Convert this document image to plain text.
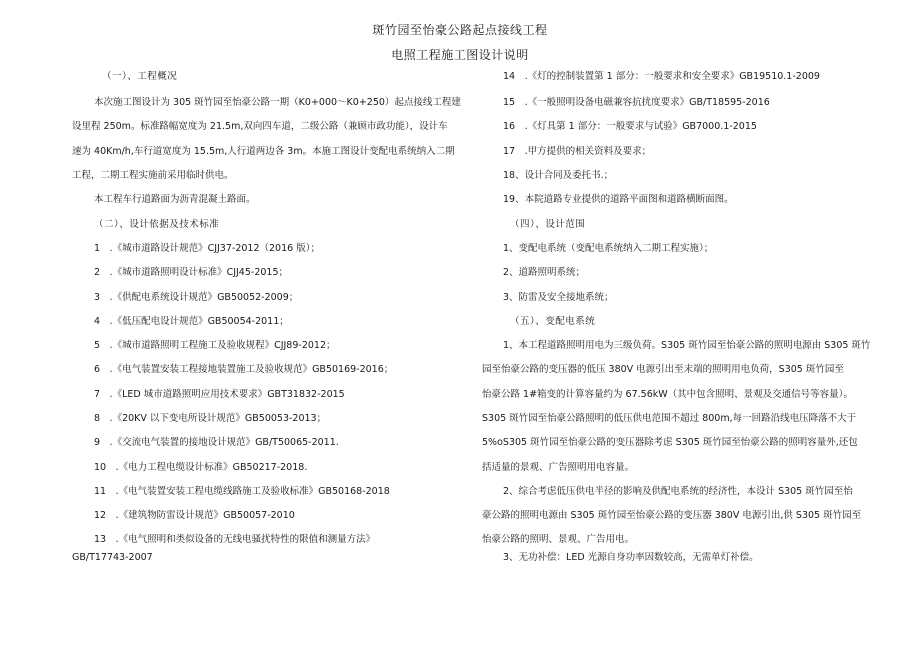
斑竹园至怡豪公路起点接线工程
电照工程施工图设计说明
（一）、工程概况
本次施工图设计为 305 斑竹园至怡豪公路一期（K0+000～K0+250）起点接线工程建
设里程 250m。标准路幅宽度为 21.5m,双向四车道，二级公路（兼顾市政功能），设计车
速为 40Km/h,车行道宽度为 15.5m,人行道两边各 3m。本施工图设计变配电系统纳入二期
工程，二期工程实施前采用临时供电。
本工程车行道路面为沥青混凝土路面。
（二）、设计依据及技术标准
1　.《城市道路设计规范》CJJ37-2012（2016 版）；
2　.《城市道路照明设计标准》CJJ45-2015；
3　.《供配电系统设计规范》GB50052-2009；
4　.《低压配电设计规范》GB50054-2011；
5　.《城市道路照明工程施工及验收规程》CJJ89-2012；
6　.《电气装置安装工程接地装置施工及验收规范》GB50169-2016；
7　.《LED 城市道路照明应用技术要求》GBT31832-2015
8　.《20KV 以下变电所设计规范》GB50053-2013；
9　.《交流电气装置的接地设计规范》GB/T50065-2011.
10　.《电力工程电缆设计标准》GB50217-2018.
11　.《电气装置安装工程电缆线路施工及验收标准》GB50168-2018
12　.《建筑物防雷设计规范》GB50057-2010
13　.《电气照明和类似设备的无线电骚扰特性的限值和测量方法》
GB/T17743-2007
14　.《灯的控制装置第 1 部分：一般要求和安全要求》GB19510.1-2009
15　.《一般照明设备电磁兼容抗扰度要求》GB/T18595-2016
16　.《灯具第 1 部分：一般要求与试验》GB7000.1-2015
17　.甲方提供的相关资料及要求；
18、设计合同及委托书.；
19、本院道路专业提供的道路平面图和道路横断面图。
（四）、设计范围
1、变配电系统（变配电系统纳入二期工程实施）；
2、道路照明系统；
3、防雷及安全接地系统；
（五）、变配电系统
1、本工程道路照明用电为三级负荷。S305 斑竹园至怡豪公路的照明电源由 S305 斑竹
园至怡豪公路的变压器的低压 380V 电源引出至末端的照明用电负荷，S305 斑竹园至
怡豪公路 1#箱变的计算容量约为 67.56kW（其中包含照明、景观及交通信号等容量）。
S305 斑竹园至怡豪公路照明的低压供电范围不超过 800m,每一回路沿线电压降落不大于
5%oS305 斑竹园至怡豪公路的变压器除考虑 S305 斑竹园至怡豪公路的照明容量外,还包
括适量的景观、广告照明用电容量。
2、综合考虑低压供电半径的影响及供配电系统的经济性，本设计 S305 斑竹园至怡
豪公路的照明电源由 S305 斑竹园至怡豪公路的变压器 380V 电源引出,供 S305 斑竹园至
怡豪公路的照明、景观、广告用电。
3、无功补偿：LED 光源自身功率因数较高，无需单灯补偿。
